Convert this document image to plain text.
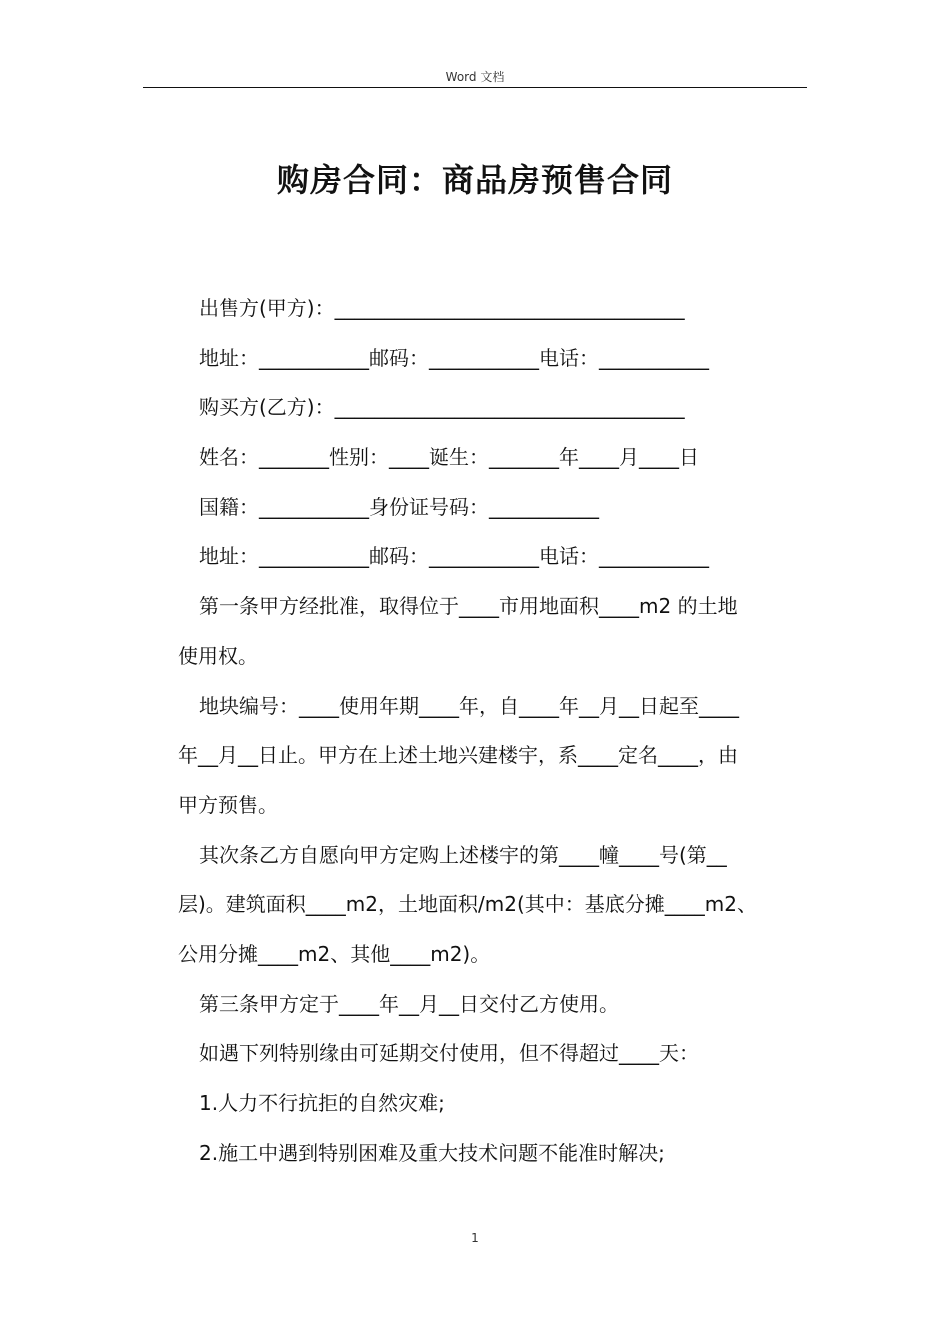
Word 文档
购房合同：商品房预售合同
出售方(甲方)：___________________________________
地址：___________邮码：___________电话：___________
购买方(乙方)：___________________________________
姓名：_______性别：____诞生：_______年____月____日
国籍：___________身份证号码：___________
地址：___________邮码：___________电话：___________
第一条甲方经批准，取得位于____市用地面积____m2 的土地
使用权。
地块编号：____使用年期____年，自____年__月__日起至____
年__月__日止。甲方在上述土地兴建楼宇，系____定名____，由
甲方预售。
其次条乙方自愿向甲方定购上述楼宇的第____幢____号(第__
层)。建筑面积____m2，土地面积/m2(其中：基底分摊____m2、
公用分摊____m2、其他____m2)。
第三条甲方定于____年__月__日交付乙方使用。
如遇下列特别缘由可延期交付使用，但不得超过____天：
1.人力不行抗拒的自然灾难;
2.施工中遇到特别困难及重大技术问题不能准时解决;
1
